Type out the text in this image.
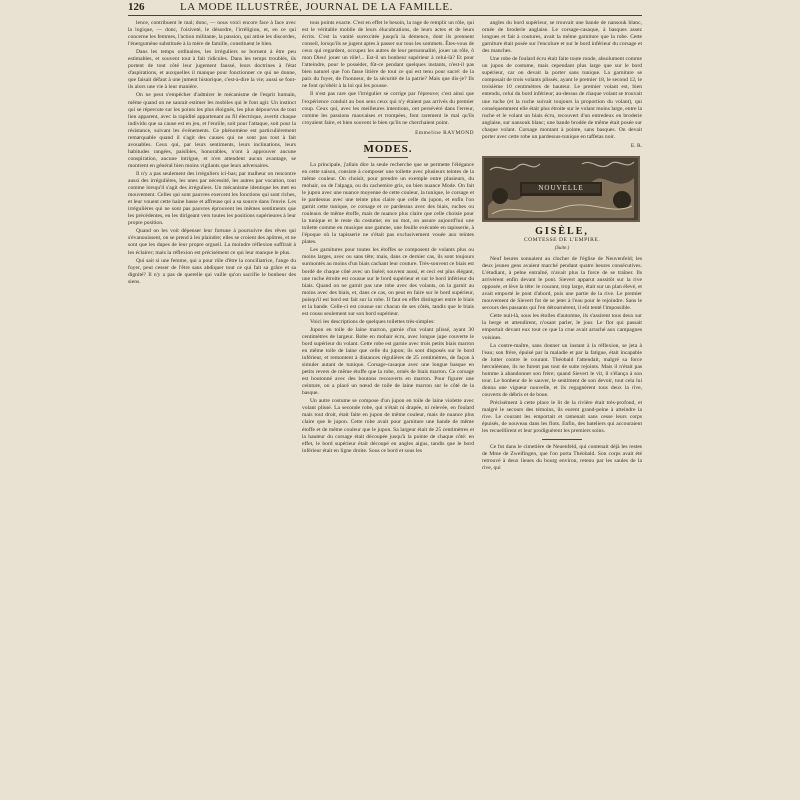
126	LA MODE ILLUSTRÉE, JOURNAL DE LA FAMILLE.

lence, contribuent le mal; donc, — nous voici encore face à face avec la logique, — donc, l'oisiveté, le désordre, l'irréligion, et, en ce qui concerne les femmes, l'action militante, la passion, qui attise les discordes, l'énergumène substituée à la mère de famille, constituent le bien.

Dans les temps ordinaires, les irréguliers se bornent à être peu estimables, et souvent tout à fait ridicules. Dans les temps troublés, ils portent de tout côté leur jugement faussé, leurs doctrines à l'état d'aspirations, et auxquelles il manque pour fonctionner ce qui ne donne, que faisait défaut à une jument historique, c'est-à-dire la vie; aussi se font-ils alors une vie à leur manière.

On ne peut s'empêcher d'admirer le mécanisme de l'esprit humain, même quand on ne saurait estimer les mobiles qui le font agir. Un instinct qui se répercute sur les points les plus éloignés, les plus dépourvus de tout lien apparent, avec la rapidité appartenant au fil électrique, avertit chaque individu que sa cause est en jeu, et l'enrôle, soit pour l'attaque, soit pour la résistance, suivant les événements. Ce phénomène est particulièrement remarquable quand il s'agit des causes qui ne sont pas tout à fait avouables. Ceux qui, par leurs sentiments, leurs inclinations, leurs habitudes rangées, paisibles, honorables, n'ont à approuver aucune conspiration, aucune intrigue, et n'en attendent aucun avantage, se montrent en général bien moins vigilants que leurs adversaires.

Il n'y a pas seulement des irréguliers ici-bas; par malheur on rencontre aussi des irrégulières, les unes par nécessité, les autres par vocation, tout comme lorsqu'il s'agit des irréguliers. Un mécanisme identique les met en mouvement. Celles qui sont pauvres exercent les fonctions qui sont riches, et leur vouent cette haine basse et affreuse qui a sa source dans l'envie. Les irrégulières qui ne sont pas pauvres éprouvent les mêmes sentiments que les précédentes, en les dirigeant vers toutes les positions supérieures à leur propre position.

Quand on les voit dépenser leur fortune à poursuivre des rêves qui s'évanouissent, on se prend à les plaindre; elles se croient des apôtres, et ne sont que les dupes de leur propre orgueil. La moindre réflexion suffirait à les éclairer; mais la réflexion est précisément ce qui leur manque le plus.

Qui sait si une femme, qui a pour rôle d'être la conciliatrice, l'ange du foyer, peut cesser de l'être sans abdiquer tout ce qui fait sa grâce et sa dignité? Il n'y a pas de querelle qui vaille qu'on sacrifie le bonheur des siens.

tous points exacte. C'est en effet le besoin, la rage de remplir un rôle, qui est le véritable mobile de leurs élucubrations, de leurs actes et de leurs écrits. C'est la vanité surexcitée jusqu'à la démence, dont ils prennent conseil, lorsqu'ils se jugent aptes à passer sur tous les sommets. Êtes-vous de ceux qui regardent, occupez les autres de leur personnalité, jouer un rôle, ô mon Dieu! jouer un rôle!... Est-il un bonheur supérieur à celui-là? Et pour l'atteindre, pour le posséder, fût-ce pendant quelques instants, n'est-il pas bien naturel que l'on fasse litière de tout ce qui est tenu pour sacré: de la paix du foyer, de l'honneur, de la sécurité de la patrie? Mais que dis-je? Ils ne font qu'obéir à la loi qui les pousse.

Il n'est pas rare que l'irrégulier se corrige par l'épreuve; c'est ainsi que l'expérience conduit au bon sens ceux qui n'y étaient pas arrivés du premier coup. Ceux qui, avec les meilleures intentions, ont persévéré dans l'erreur, comme les passions mauvaises et trompées, font rarement le mal qu'ils croyaient faire, et bien souvent le bien qu'ils ne cherchaient point.

Emmeline RAYMOND
MODES.

La principale, j'allais dire la seule recherche que se permette l'élégance en cette saison, consiste à composer une toilette avec plusieurs teintes de la même couleur. On choisit, pour prendre un exemple entre plusieurs, du mohair, ou de l'alpaga, ou du cachemire gris, ou bien nuance Mode. On fait le jupon avec une nuance moyenne de cette couleur, la tunique, le corsage et le pardessus avec une teinte plus claire que celle du jupon, et enfin l'on garnit cette tunique, ce corsage et ce pardessus avec des biais, ruches ou rouleaux de même étoffe, mais de nuance plus claire que celle choisie pour la tunique et le reste du costume; en un mot, on assure aujourd'hui une toilette comme en musique une gamme, une feuille exécutée en tapisserie, à l'époque où la tapisserie ne s'était pas exclusivement vouée aux teintes plates.

Les garnitures pour toutes les étoffes se composent de volants plus ou moins larges, avec ou sans tête; mais, dans ce dernier cas, ils sont toujours surmontés au moins d'un biais cachant leur couture. Très-souvent ce biais est bordé de chaque côté avec un liséré; souvent aussi, et ceci est plus élégant, une ruche étroite est cousue sur le bord supérieur et sur le bord inférieur du biais. Quand on ne garnit pas une robe avec des volants, on la garnit au moins avec des biais, et, dans ce cas, on peut en faire sur le bord supérieur, puisqu'il est bord est fait sur la robe. Il faut en effet distinguer entre le biais et la bande. Celle-ci est cousue sur chacun de ses côtés, tandis que le biais est cousu seulement sur son bord supérieur.

Voici les descriptions de quelques toilettes très-simples:

Jupon en toile de laine marron, garnie d'un volant plissé, ayant 30 centimètres de largeur. Robe en mohair écru, avec longue jupe couverte le bord supérieur du volant. Cette robe est garnie avec trois petits biais marron en même toile de laine que celle du jupon; ils sont disposés sur le bord inférieur, et remontent à distances régulières de 25 centimètres, de façon à simuler autant de tunique. Corsage-casaque avec une longue basque en petits revers de même étoffe que la robe, ornés de biais marron. Ce corsage est boutonné avec des boutons recouverts en marron. Pour figurer une ceinture, on a placé un nœud de toile de laine marron sur le côté de la basque.

Un autre costume se compose d'un jupon en toile de laine violette avec volant plissé. La seconde robe, qui n'était ni drapée, ni relevée, en foulard mais tout droit, était faite en jupon de même couleur, mais de nuance plus claire que le jupon. Cette robe avait pour garniture une bande de même étoffe et de même couleur que le jupon. Sa largeur était de 25 centimètres et la hauteur du corsage était découpée jusqu'à la pointe de chaque côté: en effet, le bord supérieur était découpé en angles aigus, tandis que le bord inférieur était en ligne droite. Sous ce bord et sous les

angles du bord supérieur, se trouvait une bande de nansouk blanc, ornée de broderie anglaise. Le corsage-casaque, à basques assez longues et fait à coutures, avait la même garniture que la robe. Cette garniture était posée sur l'encolure et sur le bord inférieur du corsage et des manches.

Une robe de foulard écru était faite toute ronde, absolument comme un jupon de costume, mais cependant plus large que sur le bord supérieur, car on devait la porter sans tunique. La garniture se composait de trois volants plissés, ayant le premier 18, le second 12, le troisième 10 centimètres de hauteur. Le premier volant est, bien entendu, celui du bord inférieur; au-dessus de chaque volant se trouvait une ruche (et la ruche suivait toujours la proportion du volant), qui conséquemment elle était plus étroite sur le volant moins large, entre la ruche et le volant un biais écru, recouvert d'un entredeux en broderie anglaise, sur nansouk blanc; une bande brodée de même était posée sur chaque volant. Corsage montant à pointe, sans basques. On devait porter avec cette robe un pardessus-tunique en taffetas noir.

E. R.
NOUVELLE
GISÈLE,
COMTESSE DE L'EMPIRE.
(Suite.)

Neuf heures sonnaient au clocher de l'église de Neuvenfeld; les deux jeunes gens avaient marché pendant quatre heures consécutives. L'étudiant, à pelne entraîné, n'avait plus la force de se traîner. Ils arrivèrent enfin devant le pont. Sievert apparut aussitôt sur la rive opposée, et lève la tête: le courant, trop large, était sur un plan élevé, et avait emporté le pont d'abord, puis une partie de la rive. Le premier mouvement de Sievert fut de se jeter à l'eau pour le rejoindre. Sans le secours des passants qui l'en détournèrent, il eût tenté l'impossible.

Cette nuit-là, sous les étoiles d'automne, ils s'assirent tous deux sur la berge et attendirent, n'osant parler, le jour. Le flot qui passait emportait devant eux tout ce que la crue avait arraché aux campagnes voisines.

La contre-maître, sans donner un instant à la réflexion, se jeta à l'eau; son frère, épuisé par la maladie et par la fatigue, était incapable de lutter contre le courant. Théobald l'attendait, malgré sa force herculéenne, ils ne furent pas tout de suite rejoints. Mais il n'était pas homme à abandonner son frère; quand Sievert le vit, il s'élança à son tour. Le bonheur de le sauver, le sentiment de son devoir, tout cela lui donna une vigueur nouvelle, et ils regagnèrent tous deux la rive, couverts de débris et de boue.

Précisément à cette place le lit de la rivière était très-profond, et malgré le secours des témoins, ils eurent grand-peine à atteindre la rive. Le courant les emportait et ramenait sans cesse leurs corps épuisés, de nouveau dans les flots. Enfin, des bateliers qui accouraient les recueillirent et leur prodiguèrent les premiers soins.

Ce fut dans le cimetière de Neuenfeld, qui contenait déjà les restes de Mme de Zweifingen, que l'on porta Théobald. Son corps avait été retrouvé à deux lieues du bourg environ, retenu par les saules de la rive, qui
